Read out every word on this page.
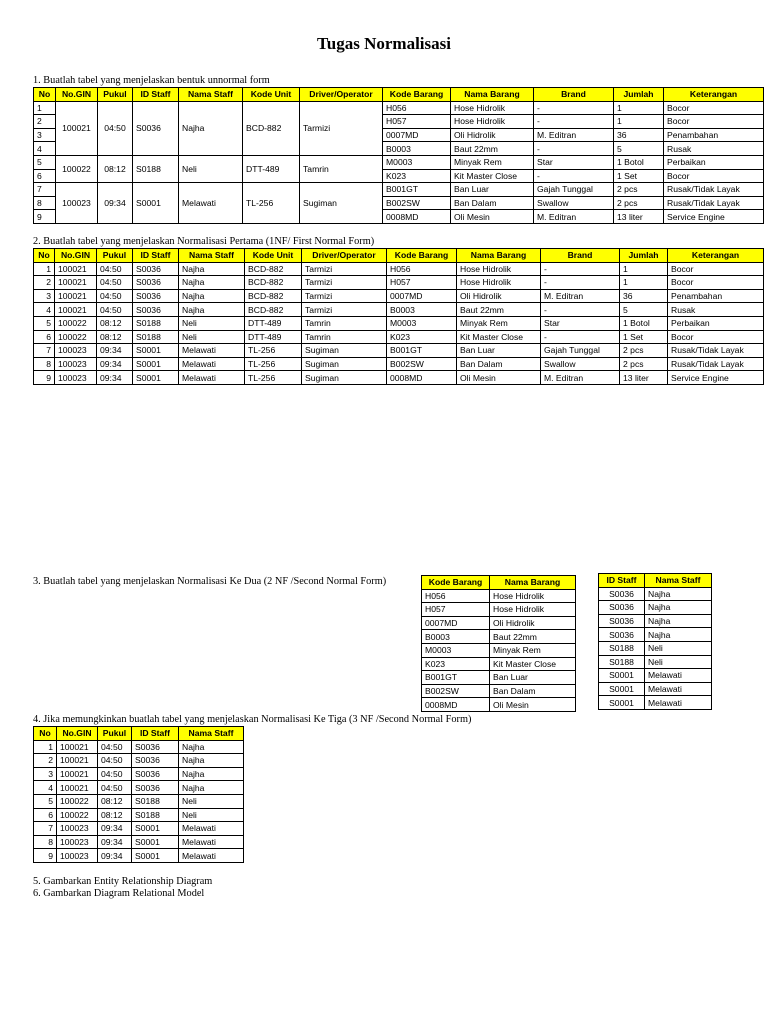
Tugas Normalisasi
1. Buatlah tabel yang menjelaskan bentuk unnormal form
No	No.GIN	Pukul	ID Staff	Nama Staff	Kode Unit	Driver/Operator	Kode Barang	Nama Barang	Brand	Jumlah	Keterangan
1	100021	04:50	S0036	Najha	BCD-882	Tarmizi	H056	Hose Hidrolik	-	1	Bocor
2							H057	Hose Hidrolik	-	1	Bocor
3							0007MD	Oli Hidrolik	M. Editran	36	Penambahan
4							B0003	Baut 22mm	-	5	Rusak
5	100022	08:12	S0188	Neli	DTT-489	Tamrin	M0003	Minyak Rem	Star	1 Botol	Perbaikan
6							K023	Kit Master Close	-	1 Set	Bocor
7	100023	09:34	S0001	Melawati	TL-256	Sugiman	B001GT	Ban Luar	Gajah Tunggal	2 pcs	Rusak/Tidak Layak
8							B002SW	Ban Dalam	Swallow	2 pcs	Rusak/Tidak Layak
9							0008MD	Oli Mesin	M. Editran	13 liter	Service Engine
2. Buatlah tabel yang menjelaskan Normalisasi Pertama (1NF/ First Normal Form)
No	No.GIN	Pukul	ID Staff	Nama Staff	Kode Unit	Driver/Operator	Kode Barang	Nama Barang	Brand	Jumlah	Keterangan
1	100021	04:50	S0036	Najha	BCD-882	Tarmizi	H056	Hose Hidrolik	-	1	Bocor
2	100021	04:50	S0036	Najha	BCD-882	Tarmizi	H057	Hose Hidrolik	-	1	Bocor
3	100021	04:50	S0036	Najha	BCD-882	Tarmizi	0007MD	Oli Hidrolik	M. Editran	36	Penambahan
4	100021	04:50	S0036	Najha	BCD-882	Tarmizi	B0003	Baut 22mm	-	5	Rusak
5	100022	08:12	S0188	Neli	DTT-489	Tamrin	M0003	Minyak Rem	Star	1 Botol	Perbaikan
6	100022	08:12	S0188	Neli	DTT-489	Tamrin	K023	Kit Master Close	-	1 Set	Bocor
7	100023	09:34	S0001	Melawati	TL-256	Sugiman	B001GT	Ban Luar	Gajah Tunggal	2 pcs	Rusak/Tidak Layak
8	100023	09:34	S0001	Melawati	TL-256	Sugiman	B002SW	Ban Dalam	Swallow	2 pcs	Rusak/Tidak Layak
9	100023	09:34	S0001	Melawati	TL-256	Sugiman	0008MD	Oli Mesin	M. Editran	13 liter	Service Engine
3. Buatlah tabel yang menjelaskan Normalisasi Ke Dua (2 NF /Second Normal Form)	Kode Barang	Nama Barang
H056	Hose Hidrolik
H057	Hose Hidrolik
0007MD	Oli Hidrolik
B0003	Baut 22mm
M0003	Minyak Rem
K023	Kit Master Close
B001GT	Ban Luar
B002SW	Ban Dalam
0008MD	Oli Mesin
ID Staff	Nama Staff
S0036	Najha
S0036	Najha
S0036	Najha
S0036	Najha
S0188	Neli
S0188	Neli
S0001	Melawati
S0001	Melawati
S0001	Melawati
4. Jika memungkinkan buatlah tabel yang menjelaskan Normalisasi Ke Tiga (3 NF /Second Normal Form)
No	No.GIN	Pukul	ID Staff	Nama Staff
1	100021	04:50	S0036	Najha
2	100021	04:50	S0036	Najha
3	100021	04:50	S0036	Najha
4	100021	04:50	S0036	Najha
5	100022	08:12	S0188	Neli
6	100022	08:12	S0188	Neli
7	100023	09:34	S0001	Melawati
8	100023	09:34	S0001	Melawati
9	100023	09:34	S0001	Melawati
5. Gambarkan Entity Relationship Diagram
6. Gambarkan Diagram Relational Model
